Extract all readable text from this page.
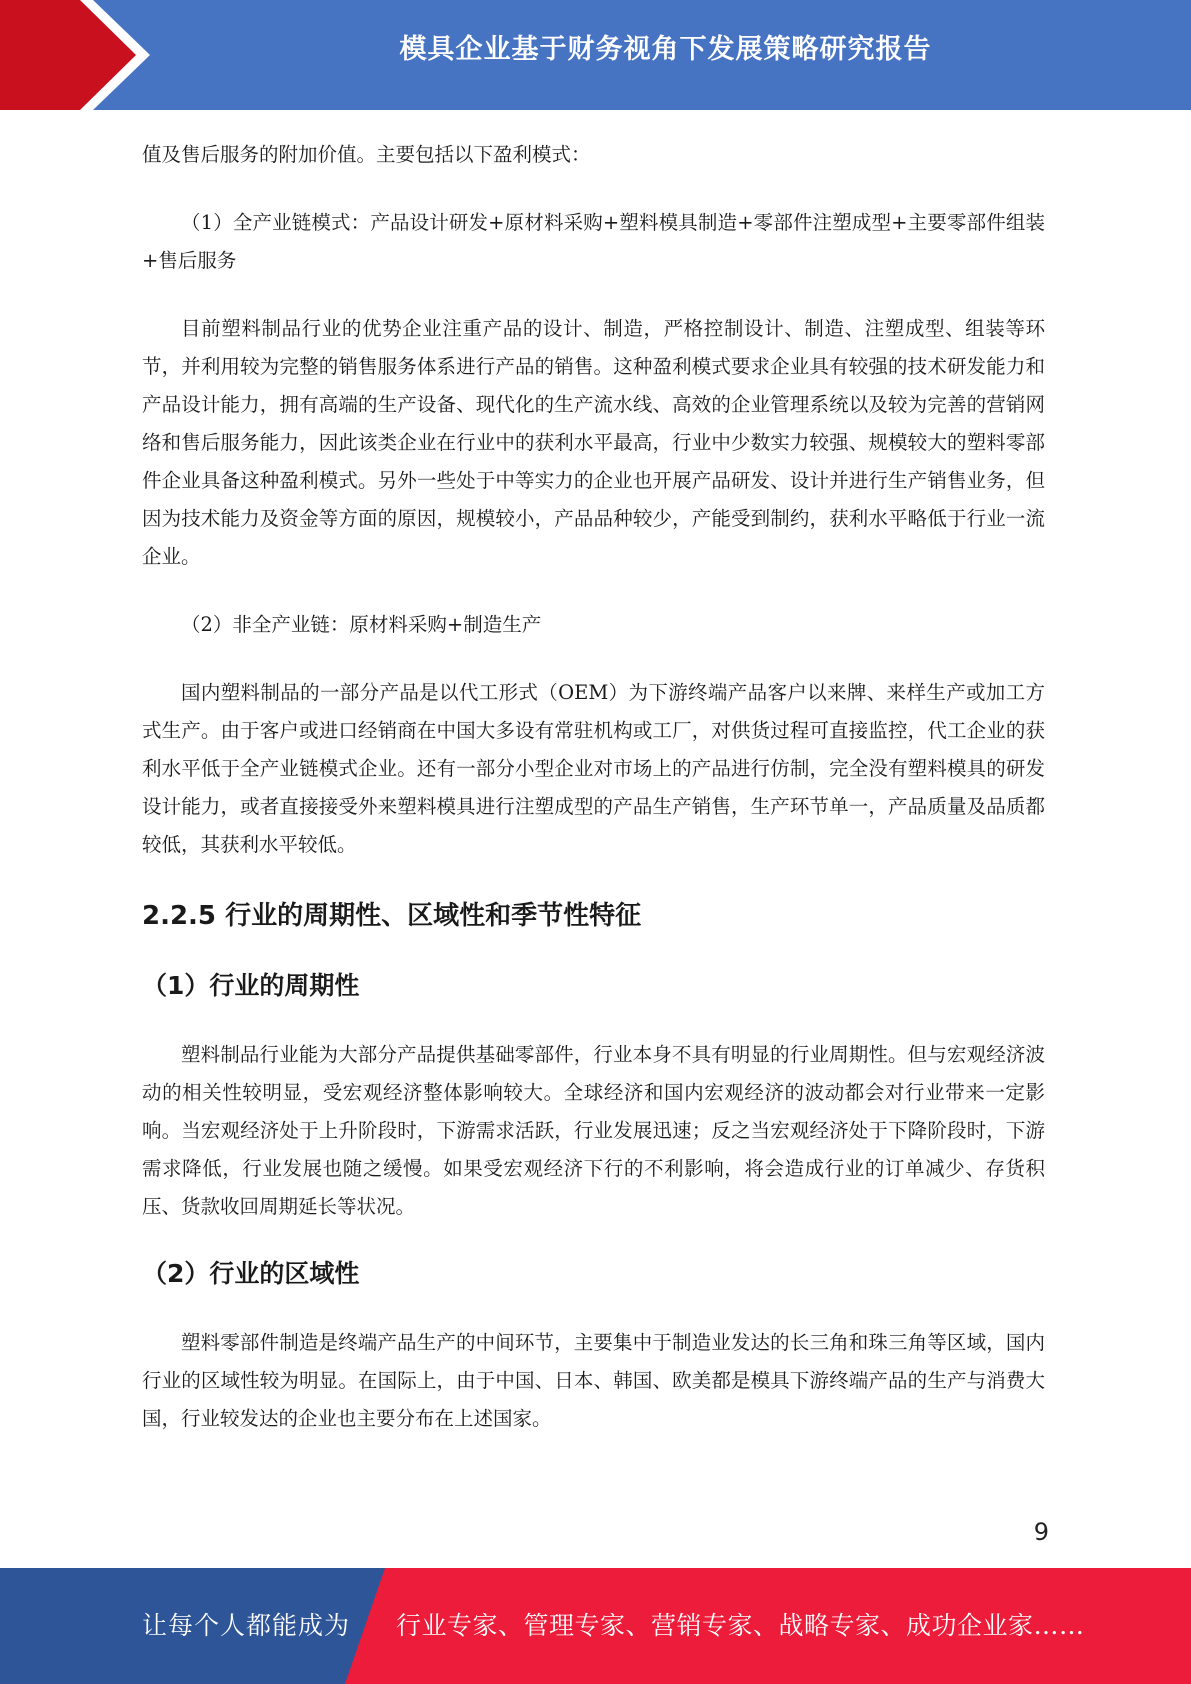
模具企业基于财务视角下发展策略研究报告

值及售后服务的附加价值。主要包括以下盈利模式：

（1）全产业链模式：产品设计研发+原材料采购+塑料模具制造+零部件注塑成型+主要零部件组装+售后服务

目前塑料制品行业的优势企业注重产品的设计、制造，严格控制设计、制造、注塑成型、组装等环节，并利用较为完整的销售服务体系进行产品的销售。这种盈利模式要求企业具有较强的技术研发能力和产品设计能力，拥有高端的生产设备、现代化的生产流水线、高效的企业管理系统以及较为完善的营销网络和售后服务能力，因此该类企业在行业中的获利水平最高，行业中少数实力较强、规模较大的塑料零部件企业具备这种盈利模式。另外一些处于中等实力的企业也开展产品研发、设计并进行生产销售业务，但因为技术能力及资金等方面的原因，规模较小，产品品种较少，产能受到制约，获利水平略低于行业一流企业。

（2）非全产业链：原材料采购+制造生产

国内塑料制品的一部分产品是以代工形式（OEM）为下游终端产品客户以来牌、来样生产或加工方式生产。由于客户或进口经销商在中国大多设有常驻机构或工厂，对供货过程可直接监控，代工企业的获利水平低于全产业链模式企业。还有一部分小型企业对市场上的产品进行仿制，完全没有塑料模具的研发设计能力，或者直接接受外来塑料模具进行注塑成型的产品生产销售，生产环节单一，产品质量及品质都较低，其获利水平较低。

2.2.5 行业的周期性、区域性和季节性特征
（1）行业的周期性

塑料制品行业能为大部分产品提供基础零部件，行业本身不具有明显的行业周期性。但与宏观经济波动的相关性较明显，受宏观经济整体影响较大。全球经济和国内宏观经济的波动都会对行业带来一定影响。当宏观经济处于上升阶段时，下游需求活跃，行业发展迅速；反之当宏观经济处于下降阶段时，下游需求降低，行业发展也随之缓慢。如果受宏观经济下行的不利影响，将会造成行业的订单减少、存货积压、货款收回周期延长等状况。

（2）行业的区域性

塑料零部件制造是终端产品生产的中间环节，主要集中于制造业发达的长三角和珠三角等区域，国内行业的区域性较为明显。在国际上，由于中国、日本、韩国、欧美都是模具下游终端产品的生产与消费大国，行业较发达的企业也主要分布在上述国家。

9
让每个人都能成为 行业专家、管理专家、营销专家、战略专家、成功企业家……
